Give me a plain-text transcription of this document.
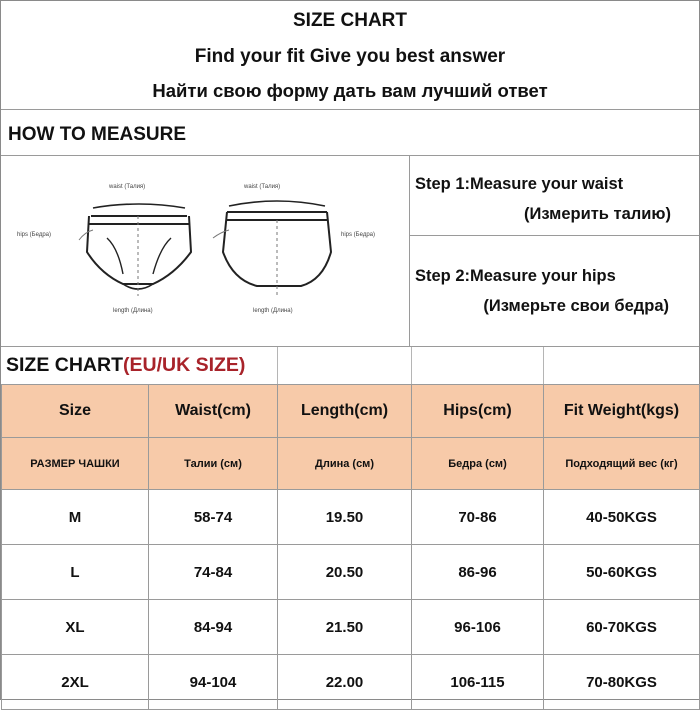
SIZE CHART
Find your fit Give you best answer
Найти свою форму дать вам лучший ответ
HOW TO MEASURE
waist (Талия)	waist (Талия)
hips (Бедра)	hips (Бедра)
length (Длина)	length (Длина)
Step 1:Measure your waist
(Измерить талию)
Step 2:Measure your hips
(Измерьте свои бедра)
SIZE CHART(EU/UK SIZE)
Size	Waist(cm)	Length(cm)	Hips(cm)	Fit Weight(kgs)
РАЗМЕР ЧАШКИ	Талии (см)	Длина (см)	Бедра (см)	Подходящий вес (кг)
M	58-74	19.50	70-86	40-50KGS
L	74-84	20.50	86-96	50-60KGS
XL	84-94	21.50	96-106	60-70KGS
2XL	94-104	22.00	106-115	70-80KGS
